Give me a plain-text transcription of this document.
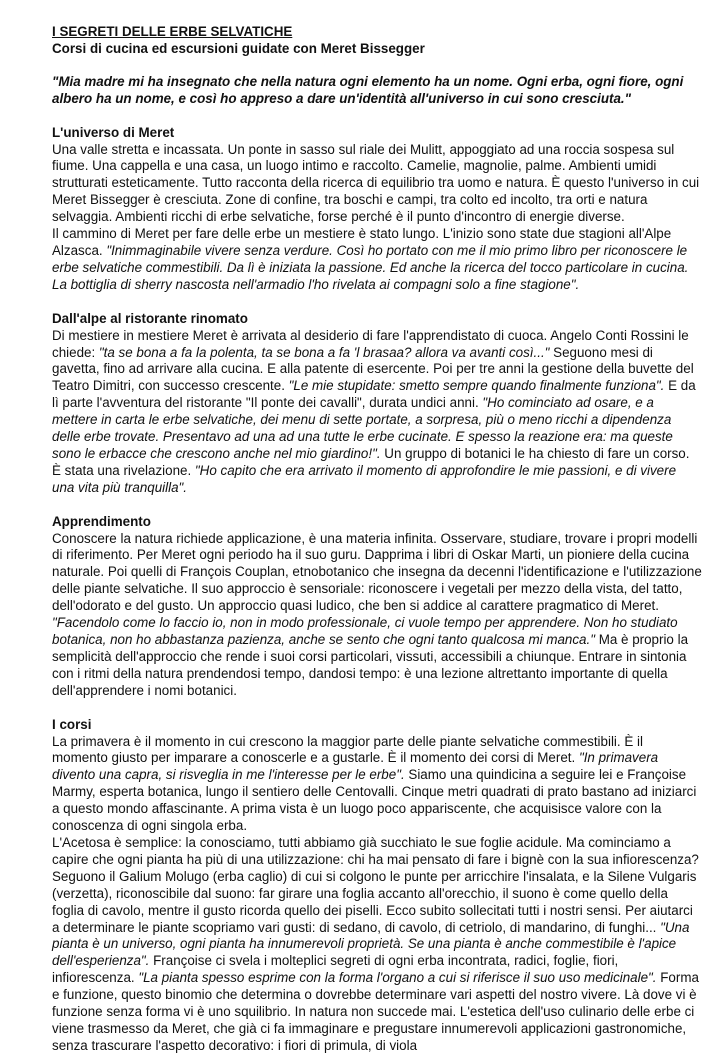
I SEGRETI DELLE ERBE SELVATICHE
Corsi di cucina ed escursioni guidate con Meret Bissegger
"Mia madre mi ha insegnato che nella natura ogni elemento ha un nome. Ogni erba, ogni fiore, ogni albero ha un nome, e così ho appreso a dare un'identità all'universo in cui sono cresciuta."
L'universo di Meret

Una valle stretta e incassata. Un ponte in sasso sul riale dei Mulitt, appoggiato ad una roccia sospesa sul fiume. Una cappella e una casa, un luogo intimo e raccolto. Camelie, magnolie, palme. Ambienti umidi strutturati esteticamente. Tutto racconta della ricerca di equilibrio tra uomo e natura. È questo l'universo in cui Meret Bissegger è cresciuta. Zone di confine, tra boschi e campi, tra colto ed incolto, tra orti e natura selvaggia. Ambienti ricchi di erbe selvatiche, forse perché è il punto d'incontro di energie diverse.

Il cammino di Meret per fare delle erbe un mestiere è stato lungo. L'inizio sono state due stagioni all'Alpe Alzasca. "Inimmaginabile vivere senza verdure. Così ho portato con me il mio primo libro per riconoscere le erbe selvatiche commestibili. Da lì è iniziata la passione. Ed anche la ricerca del tocco particolare in cucina. La bottiglia di sherry nascosta nell'armadio l'ho rivelata ai compagni solo a fine stagione".

Dall'alpe al ristorante rinomato

Di mestiere in mestiere Meret è arrivata al desiderio di fare l'apprendistato di cuoca. Angelo Conti Rossini le chiede: "ta se bona a fa la polenta, ta se bona a fa 'l brasaa? allora va avanti così..." Seguono mesi di gavetta, fino ad arrivare alla cucina. E alla patente di esercente. Poi per tre anni la gestione della buvette del Teatro Dimitri, con successo crescente. "Le mie stupidate: smetto sempre quando finalmente funziona". E da lì parte l'avventura del ristorante "Il ponte dei cavalli", durata undici anni. "Ho cominciato ad osare, e a mettere in carta le erbe selvatiche, dei menu di sette portate, a sorpresa, più o meno ricchi a dipendenza delle erbe trovate. Presentavo ad una ad una tutte le erbe cucinate. E spesso la reazione era: ma queste sono le erbacce che crescono anche nel mio giardino!". Un gruppo di botanici le ha chiesto di fare un corso. È stata una rivelazione. "Ho capito che era arrivato il momento di approfondire le mie passioni, e di vivere una vita più tranquilla".

Apprendimento

Conoscere la natura richiede applicazione, è una materia infinita. Osservare, studiare, trovare i propri modelli di riferimento. Per Meret ogni periodo ha il suo guru. Dapprima i libri di Oskar Marti, un pioniere della cucina naturale. Poi quelli di François Couplan, etnobotanico che insegna da decenni l'identificazione e l'utilizzazione delle piante selvatiche. Il suo approccio è sensoriale: riconoscere i vegetali per mezzo della vista, del tatto, dell'odorato e del gusto. Un approccio quasi ludico, che ben si addice al carattere pragmatico di Meret. "Facendolo come lo faccio io, non in modo professionale, ci vuole tempo per apprendere. Non ho studiato botanica, non ho abbastanza pazienza, anche se sento che ogni tanto qualcosa mi manca." Ma è proprio la semplicità dell'approccio che rende i suoi corsi particolari, vissuti, accessibili a chiunque. Entrare in sintonia con i ritmi della natura prendendosi tempo, dandosi tempo: è una lezione altrettanto importante di quella dell'apprendere i nomi botanici.

I corsi

La primavera è il momento in cui crescono la maggior parte delle piante selvatiche commestibili. È il momento giusto per imparare a conoscerle e a gustarle. È il momento dei corsi di Meret. "In primavera divento una capra, si risveglia in me l'interesse per le erbe". Siamo una quindicina a seguire lei e Françoise Marmy, esperta botanica, lungo il sentiero delle Centovalli. Cinque metri quadrati di prato bastano ad iniziarci a questo mondo affascinante. A prima vista è un luogo poco appariscente, che acquisisce valore con la conoscenza di ogni singola erba.

L'Acetosa è semplice: la conosciamo, tutti abbiamo già succhiato le sue foglie acidule. Ma cominciamo a capire che ogni pianta ha più di una utilizzazione: chi ha mai pensato di fare i bignè con la sua infiorescenza? Seguono il Galium Molugo (erba caglio) di cui si colgono le punte per arricchire l'insalata, e la Silene Vulgaris (verzetta), riconoscibile dal suono: far girare una foglia accanto all'orecchio, il suono è come quello della foglia di cavolo, mentre il gusto ricorda quello dei piselli. Ecco subito sollecitati tutti i nostri sensi. Per aiutarci a determinare le piante scopriamo vari gusti: di sedano, di cavolo, di cetriolo, di mandarino, di funghi... "Una pianta è un universo, ogni pianta ha innumerevoli proprietà. Se una pianta è anche commestibile è l'apice dell'esperienza". Françoise ci svela i molteplici segreti di ogni erba incontrata, radici, foglie, fiori, infiorescenza. "La pianta spesso esprime con la forma l'organo a cui si riferisce il suo uso medicinale". Forma e funzione, questo binomio che determina o dovrebbe determinare vari aspetti del nostro vivere. Là dove vi è funzione senza forma vi è uno squilibrio. In natura non succede mai. L'estetica dell'uso culinario delle erbe ci viene trasmesso da Meret, che già ci fa immaginare e pregustare innumerevoli applicazioni gastronomiche, senza trascurare l'aspetto decorativo: i fiori di primula, di viola
